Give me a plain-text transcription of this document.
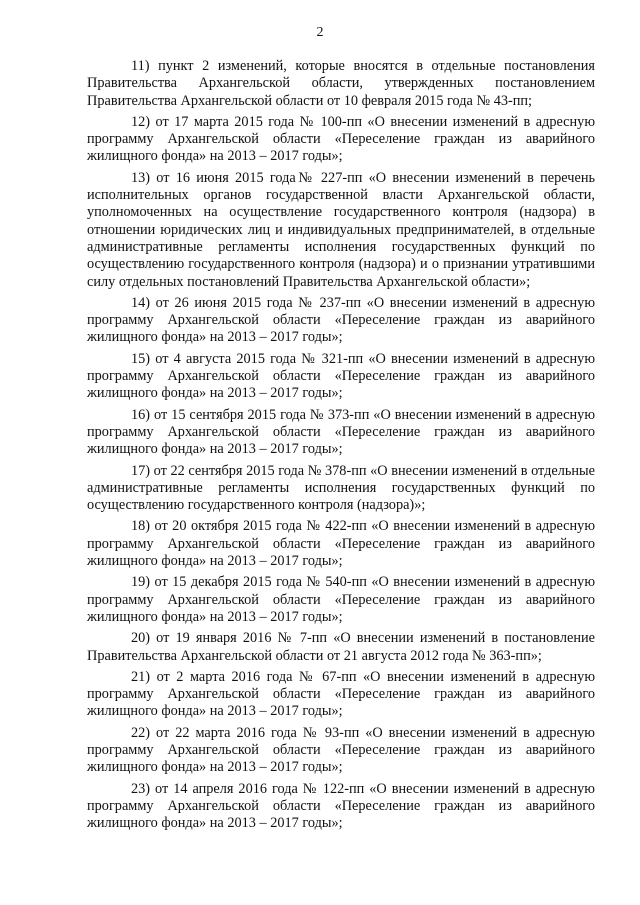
2

11) пункт 2 изменений, которые вносятся в отдельные постановления Правительства Архангельской области, утвержденных постановлением Правительства Архангельской области от 10 февраля 2015 года № 43-пп;

12) от 17 марта 2015 года № 100-пп «О внесении изменений в адресную программу Архангельской области «Переселение граждан из аварийного жилищного фонда» на 2013 – 2017 годы»;

13) от 16 июня 2015 года№ 227-пп «О внесении изменений в перечень исполнительных органов государственной власти Архангельской области, уполномоченных на осуществление государственного контроля (надзора) в отношении юридических лиц и индивидуальных предпринимателей, в отдельные административные регламенты исполнения государственных функций по осуществлению государственного контроля (надзора) и о признании утратившими силу отдельных постановлений Правительства Архангельской области»;

14) от 26 июня 2015 года № 237-пп «О внесении изменений в адресную программу Архангельской области «Переселение граждан из аварийного жилищного фонда» на 2013 – 2017 годы»;

15) от 4 августа 2015 года № 321-пп «О внесении изменений в адресную программу Архангельской области «Переселение граждан из аварийного жилищного фонда» на 2013 – 2017 годы»;

16) от 15 сентября 2015 года № 373-пп «О внесении изменений в адресную программу Архангельской области «Переселение граждан из аварийного жилищного фонда» на 2013 – 2017 годы»;

17) от 22 сентября 2015 года № 378-пп «О внесении изменений в отдельные административные регламенты исполнения государственных функций по осуществлению государственного контроля (надзора)»;

18) от 20 октября 2015 года № 422-пп «О внесении изменений в адресную программу Архангельской области «Переселение граждан из аварийного жилищного фонда» на 2013 – 2017 годы»;

19) от 15 декабря 2015 года № 540-пп «О внесении изменений в адресную программу Архангельской области «Переселение граждан из аварийного жилищного фонда» на 2013 – 2017 годы»;

20) от 19 января 2016 № 7-пп «О внесении изменений в постановление Правительства Архангельской области от 21 августа 2012 года № 363-пп»;

21) от 2 марта 2016 года № 67-пп «О внесении изменений в адресную программу Архангельской области «Переселение граждан из аварийного жилищного фонда» на 2013 – 2017 годы»;

22) от 22 марта 2016 года № 93-пп «О внесении изменений в адресную программу Архангельской области «Переселение граждан из аварийного жилищного фонда» на 2013 – 2017 годы»;

23) от 14 апреля 2016 года № 122-пп «О внесении изменений в адресную программу Архангельской области «Переселение граждан из аварийного жилищного фонда» на 2013 – 2017 годы»;
